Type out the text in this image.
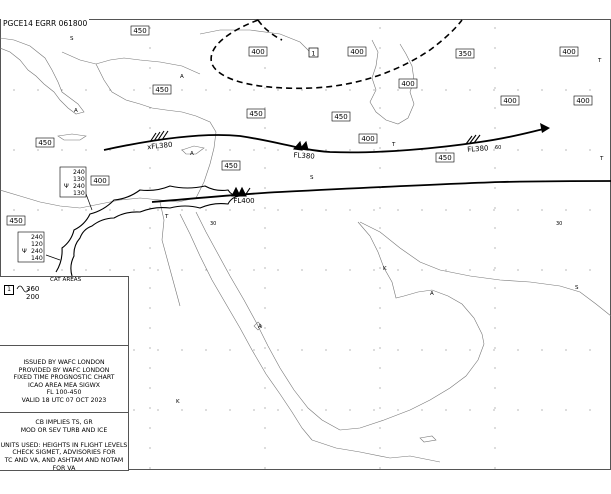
450
400	400	400
350
400
450
400	400
450	450
450	400
450
450
400
450
xFL380
FL380
FL380
FL400
60
1
240
130
240
130
Ψ
240
120
240
140
Ψ
30	30
S
A
A
T
T
A
S
T
T
K
A
K
S
A
PGCE14 EGRR 061800
CAT AREAS
1 360
200
ISSUED BY WAFC LONDON
PROVIDED BY WAFC LONDON
FIXED TIME PROGNOSTIC CHART
ICAO AREA MEA SIGWX
FL 100-450
VALID 18 UTC 07 OCT 2023
CB IMPLIES TS, GR
MOD OR SEV TURB AND ICE

UNITS USED: HEIGHTS IN FLIGHT LEVELS
CHECK SIGMET, ADVISORIES FOR
TC AND VA, AND ASHTAM AND NOTAM FOR VA
